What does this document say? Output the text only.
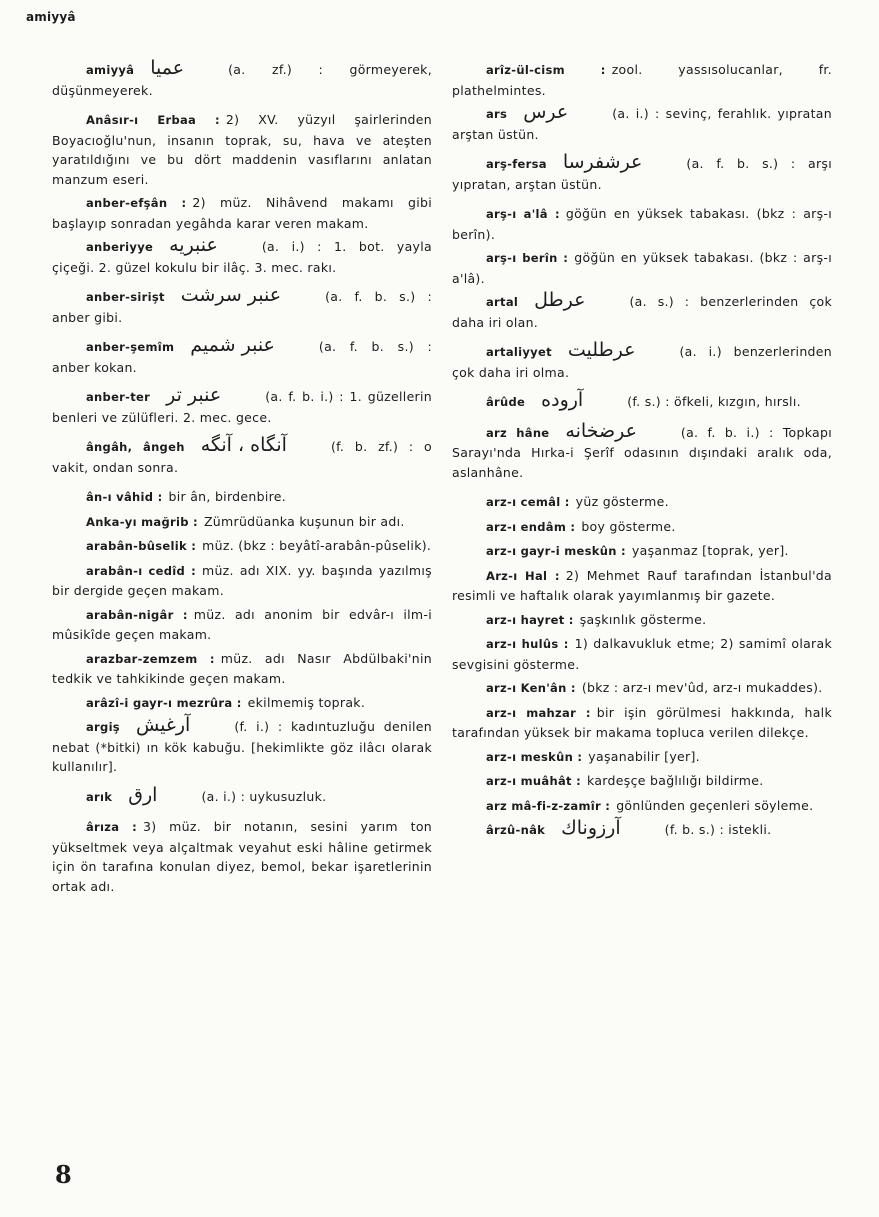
amiyyâ

amiyyâ عميا	(a. zf.) : görmeyerek, düşünmeyerek.

Anâsır-ı Erbaa : 2) XV. yüzyıl şairlerinden Boyacıoğlu'nun, insanın toprak, su, hava ve ateşten yaratıldığını ve bu dört maddenin vasıflarını anlatan manzum eseri.

anber-efşân : 2) müz. Nihâvend makamı gibi başlayıp sonradan yegâhda karar veren makam.

anberiyye عنبريه	(a. i.) : 1. bot. yayla çiçeği. 2. güzel kokulu bir ilâç. 3. mec. rakı.

anber-sirişt عنبر سرشت	(a. f. b. s.) : anber gibi.

anber-şemîm عنبر شميم	(a. f. b. s.) : anber kokan.

anber-ter عنبر تر	(a. f. b. i.) : 1. güzellerin benleri ve zülüfleri. 2. mec. gece.

ângâh, ângeh آنگاه ، آنگه	(f. b. zf.) : o vakit, ondan sonra.

ân-ı vâhid : bir ân, birdenbire.

Anka-yı mağrib : Zümrüdüanka kuşunun bir adı.

arabân-bûselik : müz. (bkz : beyâtî-arabân-pûselik).

arabân-ı cedîd : müz. adı XIX. yy. başında yazılmış bir dergide geçen makam.

arabân-nigâr : müz. adı anonim bir edvâr-ı ilm-i mûsikîde geçen makam.

arazbar-zemzem : müz. adı Nasır Abdülbaki'nin tedkik ve tahkikinde geçen makam.

arâzî-i gayr-ı mezrûra : ekilmemiş toprak.

argiş آرغيش	(f. i.) : kadıntuzluğu denilen nebat (*bitki) ın kök kabuğu. [hekimlikte göz ilâcı olarak kullanılır].

arık ارق	(a. i.) : uykusuzluk.

ârıza : 3) müz. bir notanın, sesini yarım ton yükseltmek veya alçaltmak veyahut eski hâline getirmek için ön tarafına konulan diyez, bemol, bekar işaretlerinin ortak adı.

arîz-ül-cism : zool. yassısolucanlar, fr. plathelmintes.

ars عرس	(a. i.) : sevinç, ferahlık. yıpratan arştan üstün.

arş-fersa عرشفرسا	(a. f. b. s.) : arşı yıpratan, arştan üstün.

arş-ı a'lâ : göğün en yüksek tabakası. (bkz : arş-ı berîn).

arş-ı berîn : göğün en yüksek tabakası. (bkz : arş-ı a'lâ).

artal عرطل	(a. s.) : benzerlerinden çok daha iri olan.

artaliyyet عرطليت	(a. i.) benzerlerinden çok daha iri olma.

ârûde آروده	(f. s.) : öfkeli, kızgın, hırslı.

arz hâne عرضخانه	(a. f. b. i.) : Topkapı Sarayı'nda Hırka-i Şerîf odasının dışındaki aralık oda, aslanhâne.

arz-ı cemâl : yüz gösterme.

arz-ı endâm : boy gösterme.

arz-ı gayr-i meskûn : yaşanmaz [toprak, yer].

Arz-ı Hal : 2) Mehmet Rauf tarafından İstanbul'da resimli ve haftalık olarak yayımlanmış bir gazete.

arz-ı hayret : şaşkınlık gösterme.

arz-ı hulûs : 1) dalkavukluk etme; 2) samimî olarak sevgisini gösterme.

arz-ı Ken'ân : (bkz : arz-ı mev'ûd, arz-ı mukaddes).

arz-ı mahzar : bir işin görülmesi hakkında, halk tarafından yüksek bir makama topluca verilen dilekçe.

arz-ı meskûn : yaşanabilir [yer].

arz-ı muâhât : kardeşçe bağlılığı bildirme.

arz mâ-fi-z-zamîr : gönlünden geçenleri söyleme.

ârzû-nâk آرزوناك	(f. b. s.) : istekli.

8
